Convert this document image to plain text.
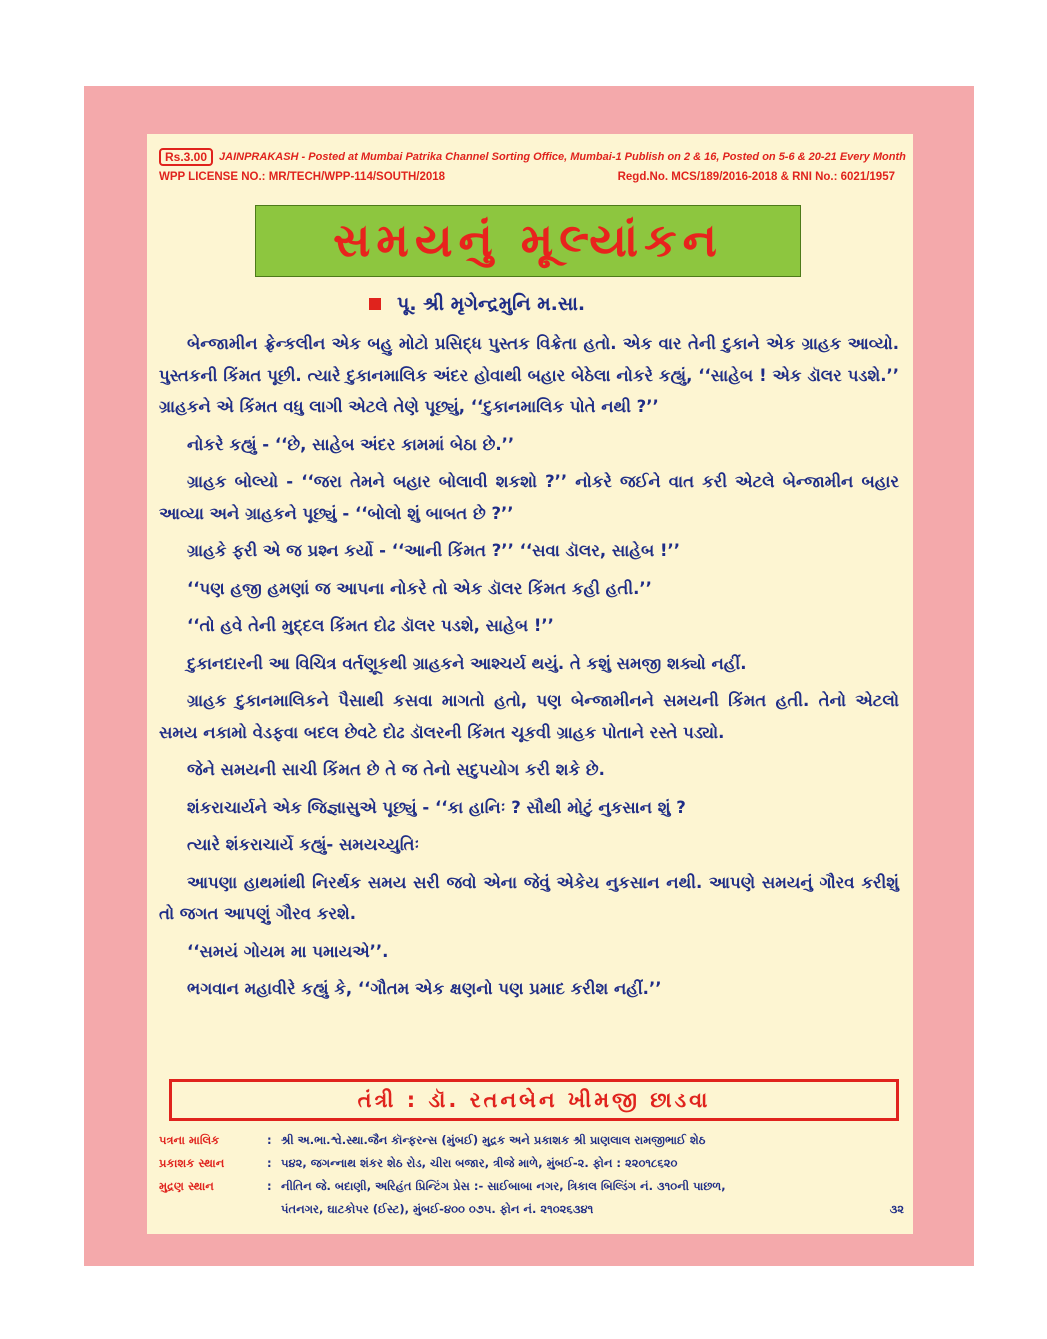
Rs.3.00	JAINPRAKASH - Posted at Mumbai Patrika Channel Sorting Office, Mumbai-1 Publish on 2 & 16, Posted on 5-6 & 20-21 Every Month
WPP LICENSE NO.: MR/TECH/WPP-114/SOUTH/2018	Regd.No. MCS/189/2016-2018 & RNI No.: 6021/1957
સમયનું મૂલ્યાંકન
પૂ. શ્રી મૃગેન્દ્રમુનિ મ.સા.

બેન્જામીન ફ્રેન્કલીન એક બહુ મોટો પ્રસિદ્ધ પુસ્તક વિક્રેતા હતો. એક વાર તેની દુકાને એક ગ્રાહક આવ્યો. પુસ્તકની કિંમત પૂછી. ત્યારે દુકાનમાલિક અંદર હોવાથી બહાર બેઠેલા નોકરે કહ્યું, ‘‘સાહેબ ! એક ડૉલર પડશે.’’ ગ્રાહકને એ કિંમત વધુ લાગી એટલે તેણે પૂછ્યું, ‘‘દુકાનમાલિક પોતે નથી ?’’

નોકરે કહ્યું - ‘‘છે, સાહેબ અંદર કામમાં બેઠા છે.’’

ગ્રાહક બોલ્યો - ‘‘જરા તેમને બહાર બોલાવી શકશો ?’’ નોકરે જઈને વાત કરી એટલે બેન્જામીન બહાર આવ્યા અને ગ્રાહકને પૂછ્યું - ‘‘બોલો શું બાબત છે ?’’

ગ્રાહકે ફરી એ જ પ્રશ્ન કર્યો - ‘‘આની કિંમત ?’’ ‘‘સવા ડૉલર, સાહેબ !’’

‘‘પણ હજી હમણાં જ આપના નોકરે તો એક ડૉલર કિંમત કહી હતી.’’

‘‘તો હવે તેની મુદ્દલ કિંમત દોઢ ડૉલર પડશે, સાહેબ !’’

દુકાનદારની આ વિચિત્ર વર્તણૂકથી ગ્રાહકને આશ્ચર્ય થયું. તે કશું સમજી શક્યો નહીં.

ગ્રાહક દુકાનમાલિકને પૈસાથી કસવા માગતો હતો, પણ બેન્જામીનને સમયની કિંમત હતી. તેનો એટલો સમય નકામો વેડફવા બદલ છેવટે દોઢ ડૉલરની કિંમત ચૂકવી ગ્રાહક પોતાને રસ્તે પડ્યો.

જેને સમયની સાચી કિંમત છે તે જ તેનો સદુપયોગ કરી શકે છે.

શંકરાચાર્યને એક જિજ્ઞાસુએ પૂછ્યું - ‘‘કા હાનિઃ ? સૌથી મોટું નુકસાન શું ?

ત્યારે શંકરાચાર્યે કહ્યું- સમયચ્યુતિઃ

આપણા હાથમાંથી નિરર્થક સમય સરી જવો એના જેવું એકેય નુકસાન નથી. આપણે સમયનું ગૌરવ કરીશું તો જગત આપણું ગૌરવ કરશે.

‘‘સમયં ગોયમ મા પમાયએ’’.

ભગવાન મહાવીરે કહ્યું કે, ‘‘ગૌતમ એક ક્ષણનો પણ પ્રમાદ કરીશ નહીં.’’

તંત્રી : ડૉ. રતનબેન ખીમજી છાડવા
પત્રના માલિક	: શ્રી અ.ભા.શ્વે.સ્થા.જૈન કૉન્ફરન્સ (મુંબઈ) મુદ્રક અને પ્રકાશક શ્રી પ્રાણલાલ રામજીભાઈ શેઠ
પ્રકાશક સ્થાન	: ૫૪૨, જગન્નાથ શંકર શેઠ રોડ, ચીરા બજાર, ત્રીજે માળે, મુંબઈ-૨. ફોન : ૨૨૦૧૮૬૨૦
મુદ્રણ સ્થાન	: નીતિન જે. બદાણી, અરિહંત પ્રિન્ટિંગ પ્રેસ :- સાઈબાબા નગર, ત્રિકાલ બિલ્ડિંગ નં. ૩૧૦ની પાછળ,
પંતનગર, ઘાટકોપર (ઈસ્ટ), મુંબઈ-૪૦૦ ૦૭૫. ફોન નં. ૨૧૦૨૬૩૪૧	૩૨
